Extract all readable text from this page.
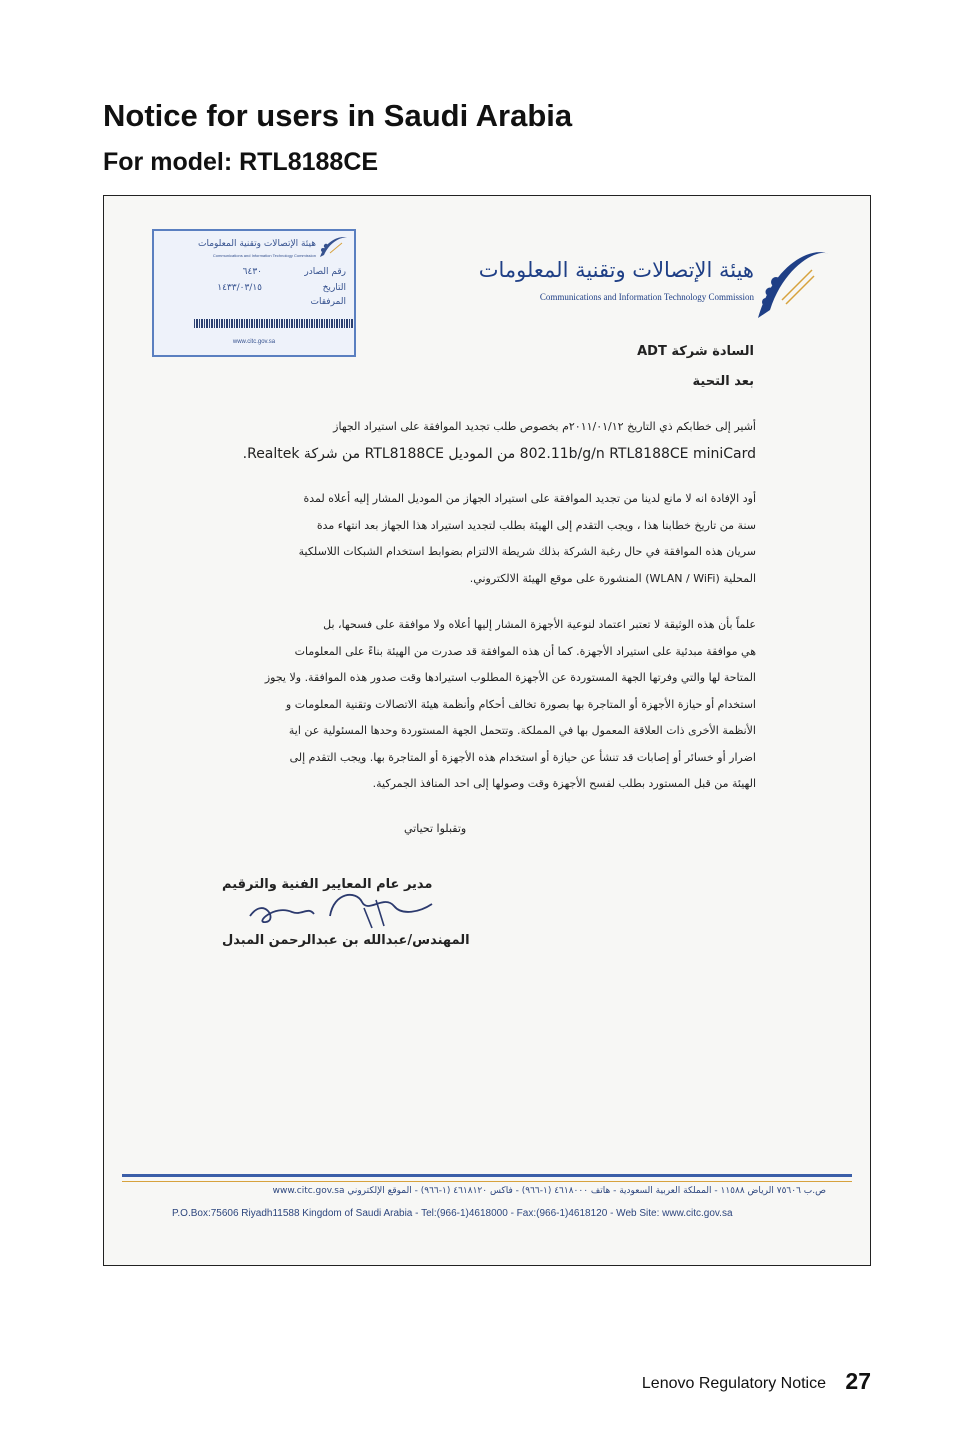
Notice for users in Saudi Arabia
For model: RTL8188CE
هيئة الإتصالات وتقنية المعلومات
Communications and Information Technology Commission
رقم الصادر
٦٤٣٠
التاريخ
١٤٣٣/٠٣/١٥
المرفقات
www.citc.gov.sa
هيئة الإتصالات وتقنية المعلومات
Communications and Information Technology Commission
السادة شركة ADT
بعد التحية
أشير إلى خطابكم ذي التاريخ ٢٠١١/٠١/١٢م بخصوص طلب تجديد الموافقة على استيراد الجهاز
802.11b/g/n RTL8188CE miniCard من الموديل RTL8188CE من شركة Realtek.
أود الإفادة انه لا مانع لدينا من تجديد الموافقة على استيراد الجهاز من الموديل المشار إليه أعلاه لمدة
سنة من تاريخ خطابنا هذا ، ويجب التقدم إلى الهيئة بطلب لتجديد استيراد هذا الجهاز بعد انتهاء مدة
سريان هذه الموافقة في حال رغبة الشركة بذلك شريطة الالتزام بضوابط استخدام الشبكات اللاسلكية
المحلية (WLAN / WiFi) المنشورة على موقع الهيئة الالكتروني.
علماً بأن هذه الوثيقة لا تعتبر اعتماد لنوعية الأجهزة المشار إليها أعلاه ولا موافقة على فسحها، بل
هي موافقة مبدئية على استيراد الأجهزة. كما أن هذه الموافقة قد صدرت من الهيئة بناءً على المعلومات
المتاحة لها والتي وفرتها الجهة المستوردة عن الأجهزة المطلوب استيرادها وقت صدور هذه الموافقة. ولا يجوز
استخدام أو حيازة الأجهزة أو المتاجرة بها بصورة تخالف أحكام وأنظمة هيئة الاتصالات وتقنية المعلومات و
الأنظمة الأخرى ذات العلاقة المعمول بها في المملكة. وتتحمل الجهة المستوردة وحدها المسئولية عن اية
اضرار أو خسائر أو إصابات قد تنشأ عن حيازة أو استخدام هذه الأجهزة أو المتاجرة بها. ويجب التقدم إلى
الهيئة من قبل المستورد بطلب لفسح الأجهزة وقت وصولها إلى احد المنافذ الجمركية.
وتقبلوا تحياتي
مدير عام المعايير الفنية والترقيم
المهندس/عبدالله بن عبدالرحمن المبدل
ص.ب ٧٥٦٠٦ الرياض ١١٥٨٨ - المملكة العربية السعودية - هاتف ٤٦١٨٠٠٠ (١-٩٦٦) - فاكس ٤٦١٨١٢٠ (١-٩٦٦) - الموقع الإلكتروني www.citc.gov.sa
P.O.Box:75606 Riyadh11588 Kingdom of Saudi Arabia - Tel:(966-1)4618000 - Fax:(966-1)4618120 - Web Site: www.citc.gov.sa
Lenovo Regulatory Notice 27
